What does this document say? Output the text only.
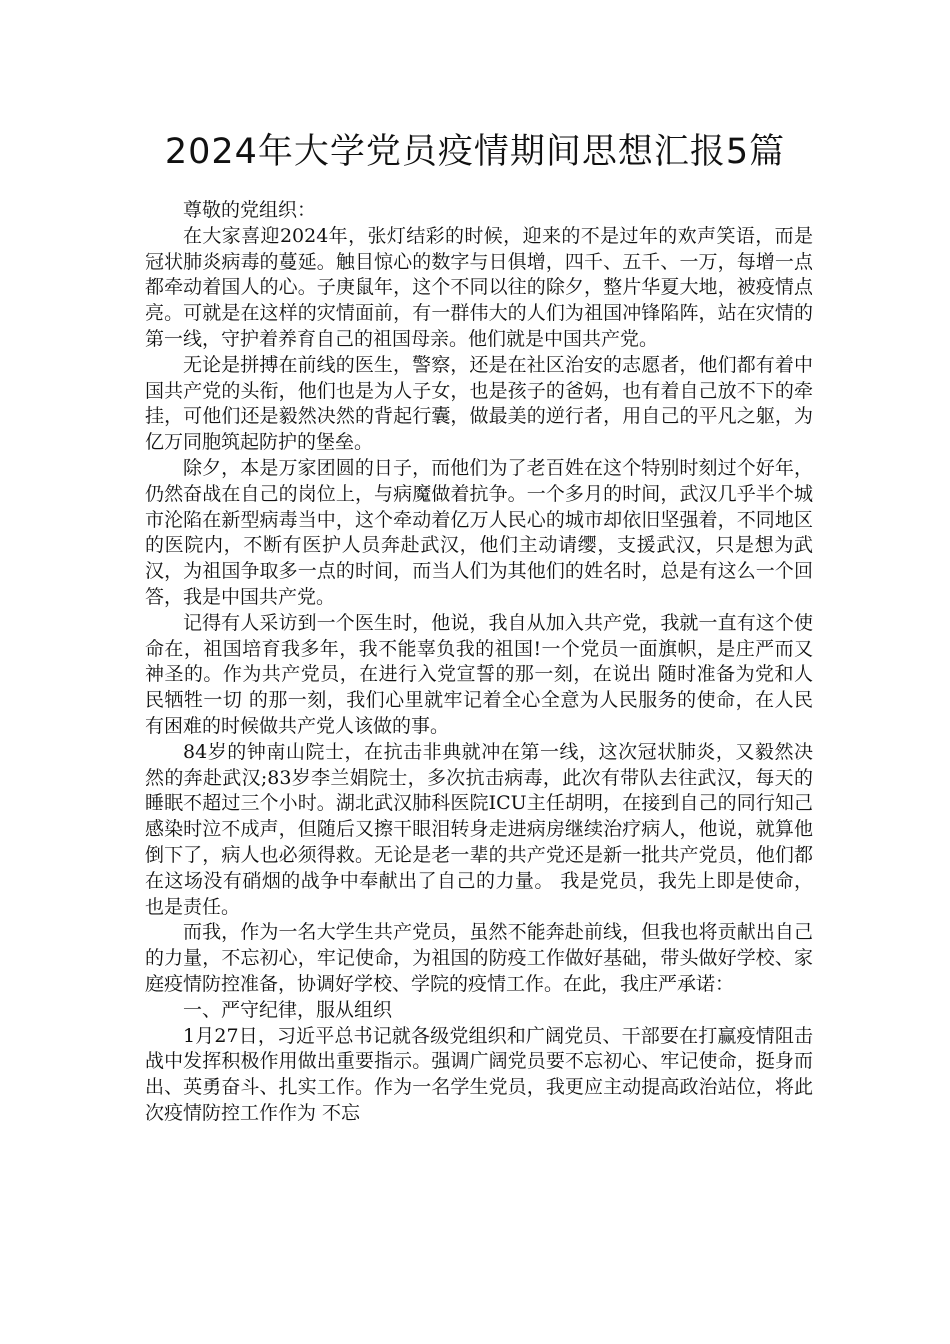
2024年大学党员疫情期间思想汇报5篇

尊敬的党组织：

在大家喜迎2024年，张灯结彩的时候，迎来的不是过年的欢声笑语，而是冠状肺炎病毒的蔓延。触目惊心的数字与日俱增，四千、五千、一万，每增一点都牵动着国人的心。子庚鼠年，这个不同以往的除夕，整片华夏大地，被疫情点亮。可就是在这样的灾情面前，有一群伟大的人们为祖国冲锋陷阵，站在灾情的第一线，守护着养育自己的祖国母亲。他们就是中国共产党。

无论是拼搏在前线的医生，警察，还是在社区治安的志愿者，他们都有着中国共产党的头衔，他们也是为人子女，也是孩子的爸妈，也有着自己放不下的牵挂，可他们还是毅然决然的背起行囊，做最美的逆行者，用自己的平凡之躯，为亿万同胞筑起防护的堡垒。

除夕，本是万家团圆的日子，而他们为了老百姓在这个特别时刻过个好年，仍然奋战在自己的岗位上，与病魔做着抗争。一个多月的时间，武汉几乎半个城市沦陷在新型病毒当中，这个牵动着亿万人民心的城市却依旧坚强着，不同地区的医院内，不断有医护人员奔赴武汉，他们主动请缨，支援武汉，只是想为武汉，为祖国争取多一点的时间，而当人们为其他们的姓名时，总是有这么一个回答，我是中国共产党。

记得有人采访到一个医生时，他说，我自从加入共产党，我就一直有这个使命在，祖国培育我多年，我不能辜负我的祖国!一个党员一面旗帜，是庄严而又神圣的。作为共产党员，在进行入党宣誓的那一刻，在说出 随时准备为党和人民牺牲一切 的那一刻，我们心里就牢记着全心全意为人民服务的使命，在人民有困难的时候做共产党人该做的事。

84岁的钟南山院士，在抗击非典就冲在第一线，这次冠状肺炎，又毅然决然的奔赴武汉;83岁李兰娟院士，多次抗击病毒，此次有带队去往武汉，每天的睡眠不超过三个小时。湖北武汉肺科医院ICU主任胡明，在接到自己的同行知己感染时泣不成声，但随后又擦干眼泪转身走进病房继续治疗病人，他说，就算他倒下了，病人也必须得救。无论是老一辈的共产党还是新一批共产党员，他们都在这场没有硝烟的战争中奉献出了自己的力量。 我是党员，我先上即是使命，也是责任。

而我，作为一名大学生共产党员，虽然不能奔赴前线，但我也将贡献出自己的力量，不忘初心，牢记使命，为祖国的防疫工作做好基础，带头做好学校、家庭疫情防控准备，协调好学校、学院的疫情工作。在此，我庄严承诺：

一、严守纪律，服从组织

1月27日，习近平总书记就各级党组织和广阔党员、干部要在打赢疫情阻击战中发挥积极作用做出重要指示。强调广阔党员要不忘初心、牢记使命，挺身而出、英勇奋斗、扎实工作。作为一名学生党员，我更应主动提高政治站位，将此次疫情防控工作作为 不忘
